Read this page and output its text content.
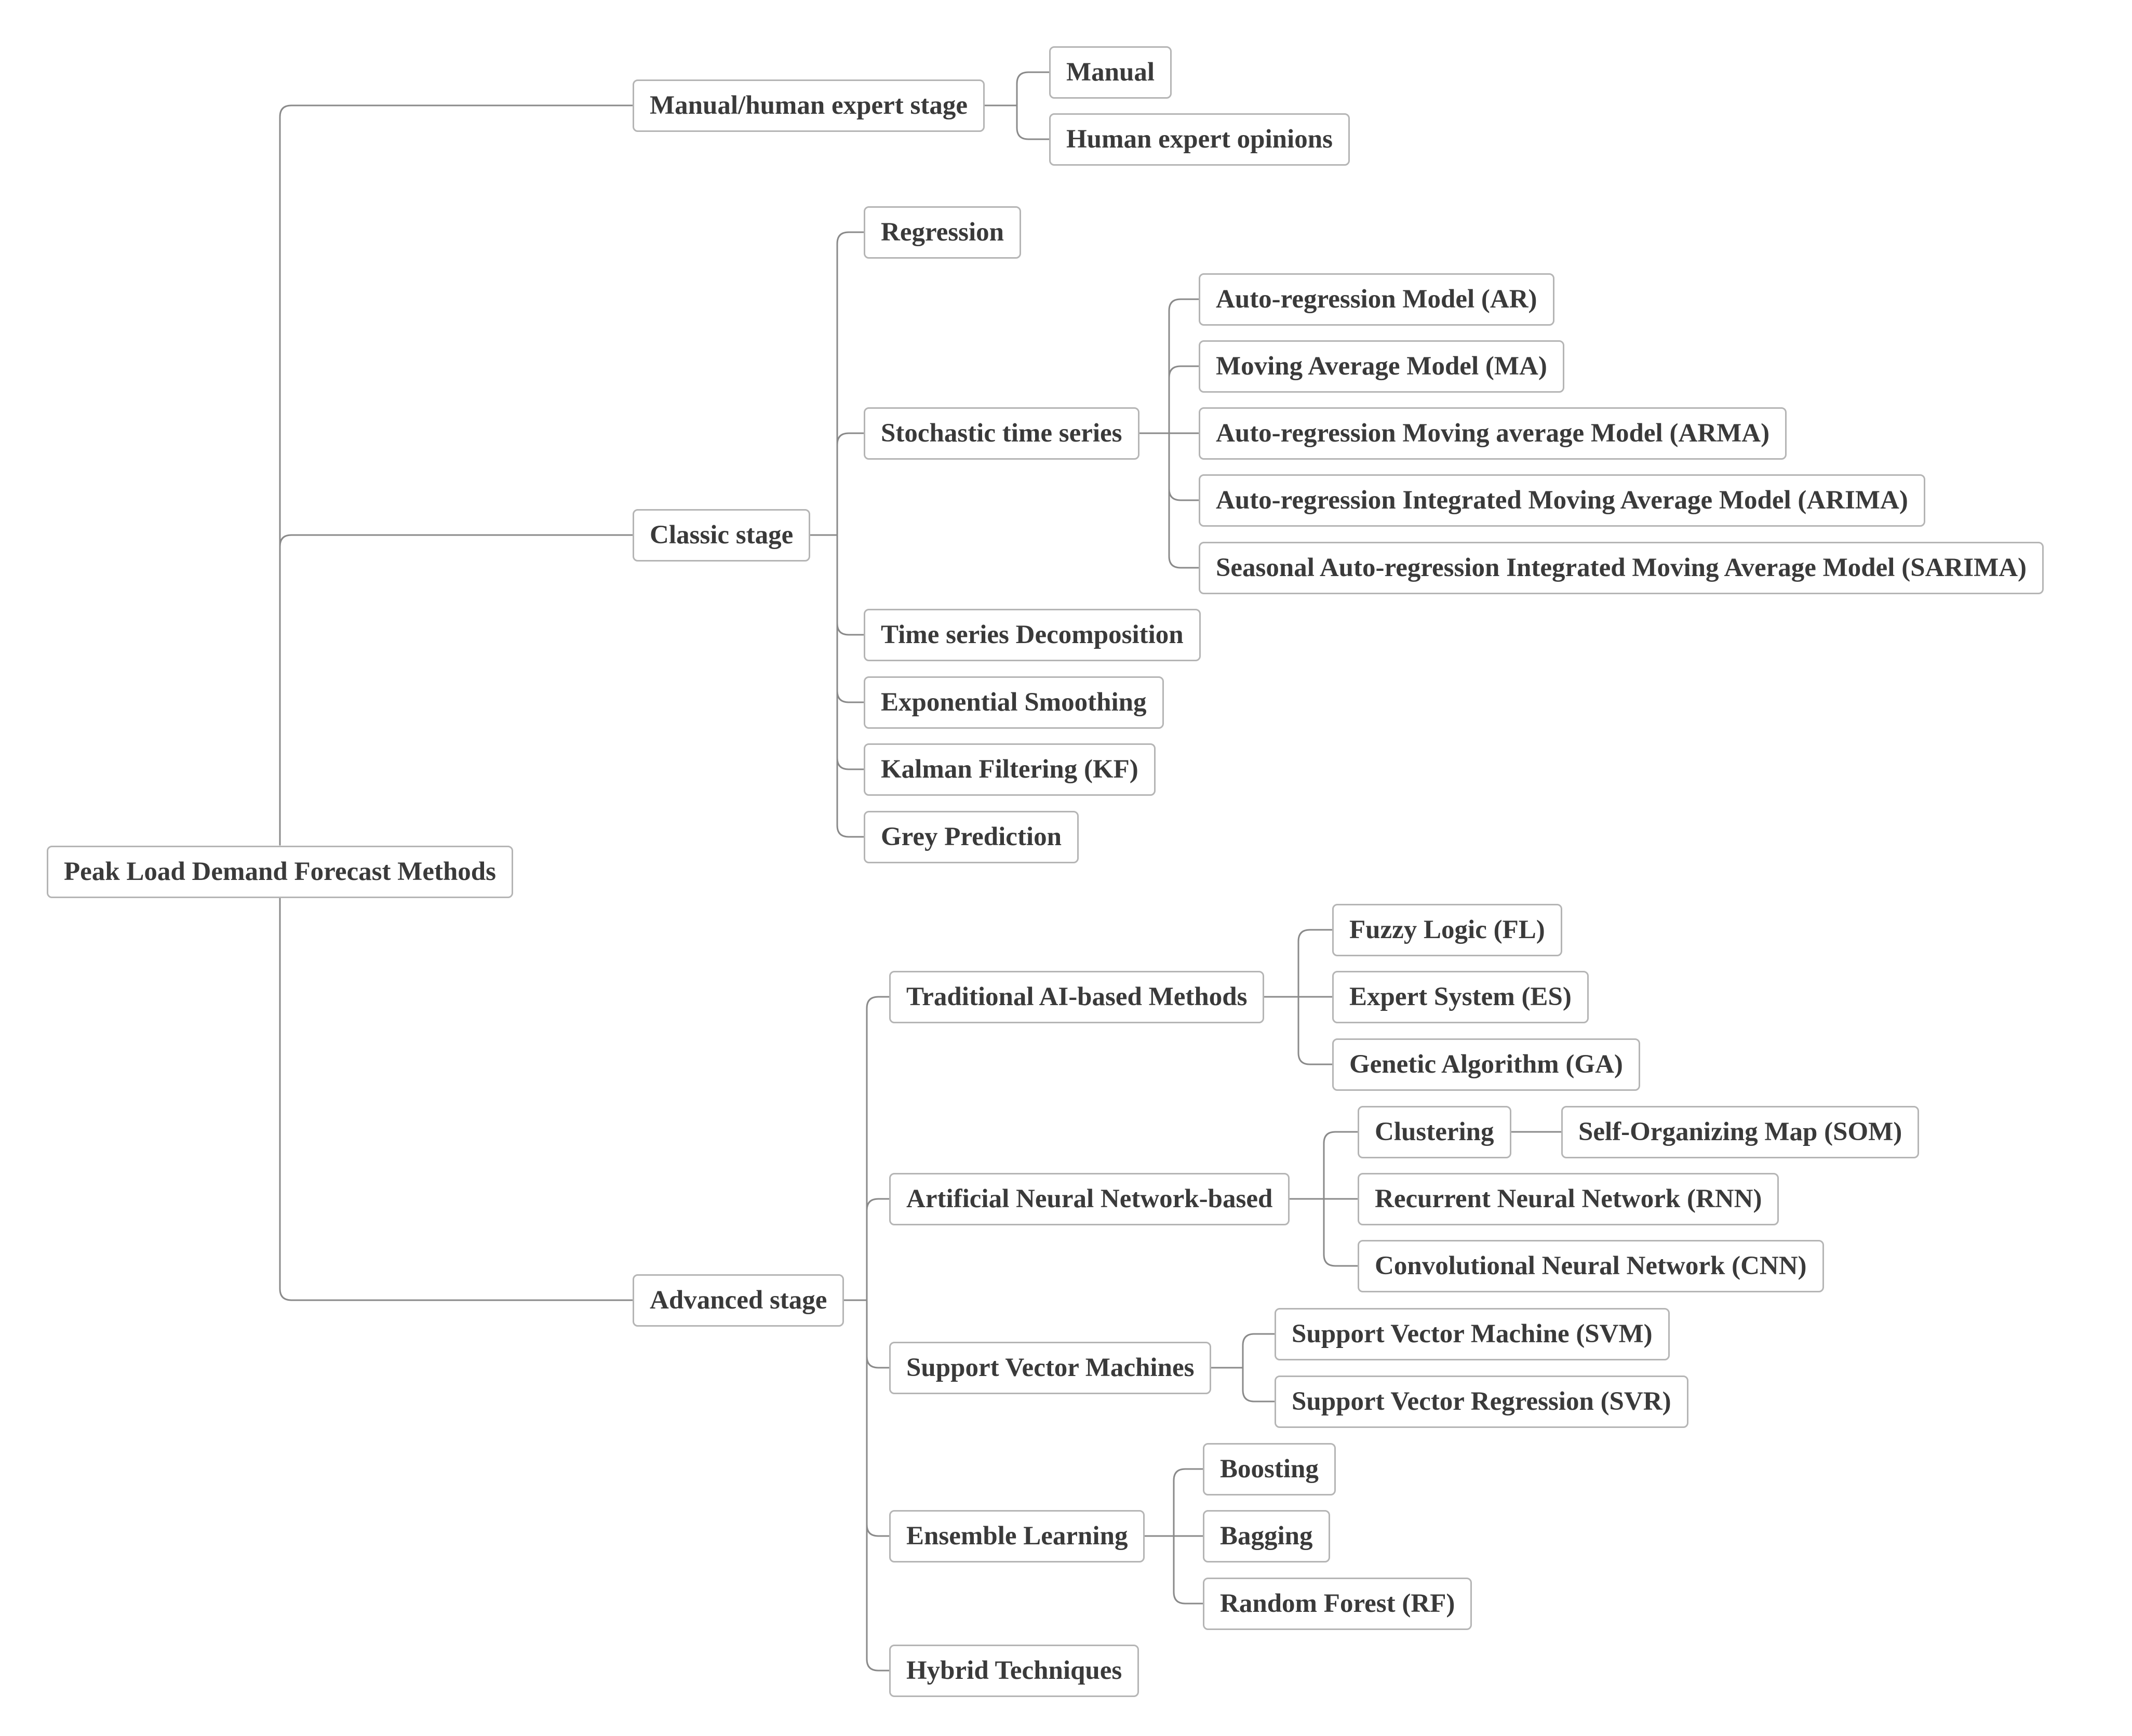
Peak Load Demand Forecast Methods
Manual/human expert stage
Manual
Human expert opinions
Classic stage
Regression
Stochastic time series
Auto-regression Model (AR)
Moving Average Model (MA)
Auto-regression Moving average Model (ARMA)
Auto-regression Integrated Moving Average Model (ARIMA)
Seasonal Auto-regression Integrated Moving Average Model (SARIMA)
Time series Decomposition
Exponential Smoothing
Kalman Filtering (KF)
Grey Prediction
Advanced stage
Traditional AI-based Methods
Fuzzy Logic (FL)
Expert System (ES)
Genetic Algorithm (GA)
Artificial Neural Network-based
Clustering	Self-Organizing Map (SOM)
Recurrent Neural Network (RNN)
Convolutional Neural Network (CNN)
Support Vector Machines
Support Vector Machine (SVM)
Support Vector Regression (SVR)
Ensemble Learning
Boosting
Bagging
Random Forest (RF)
Hybrid Techniques
